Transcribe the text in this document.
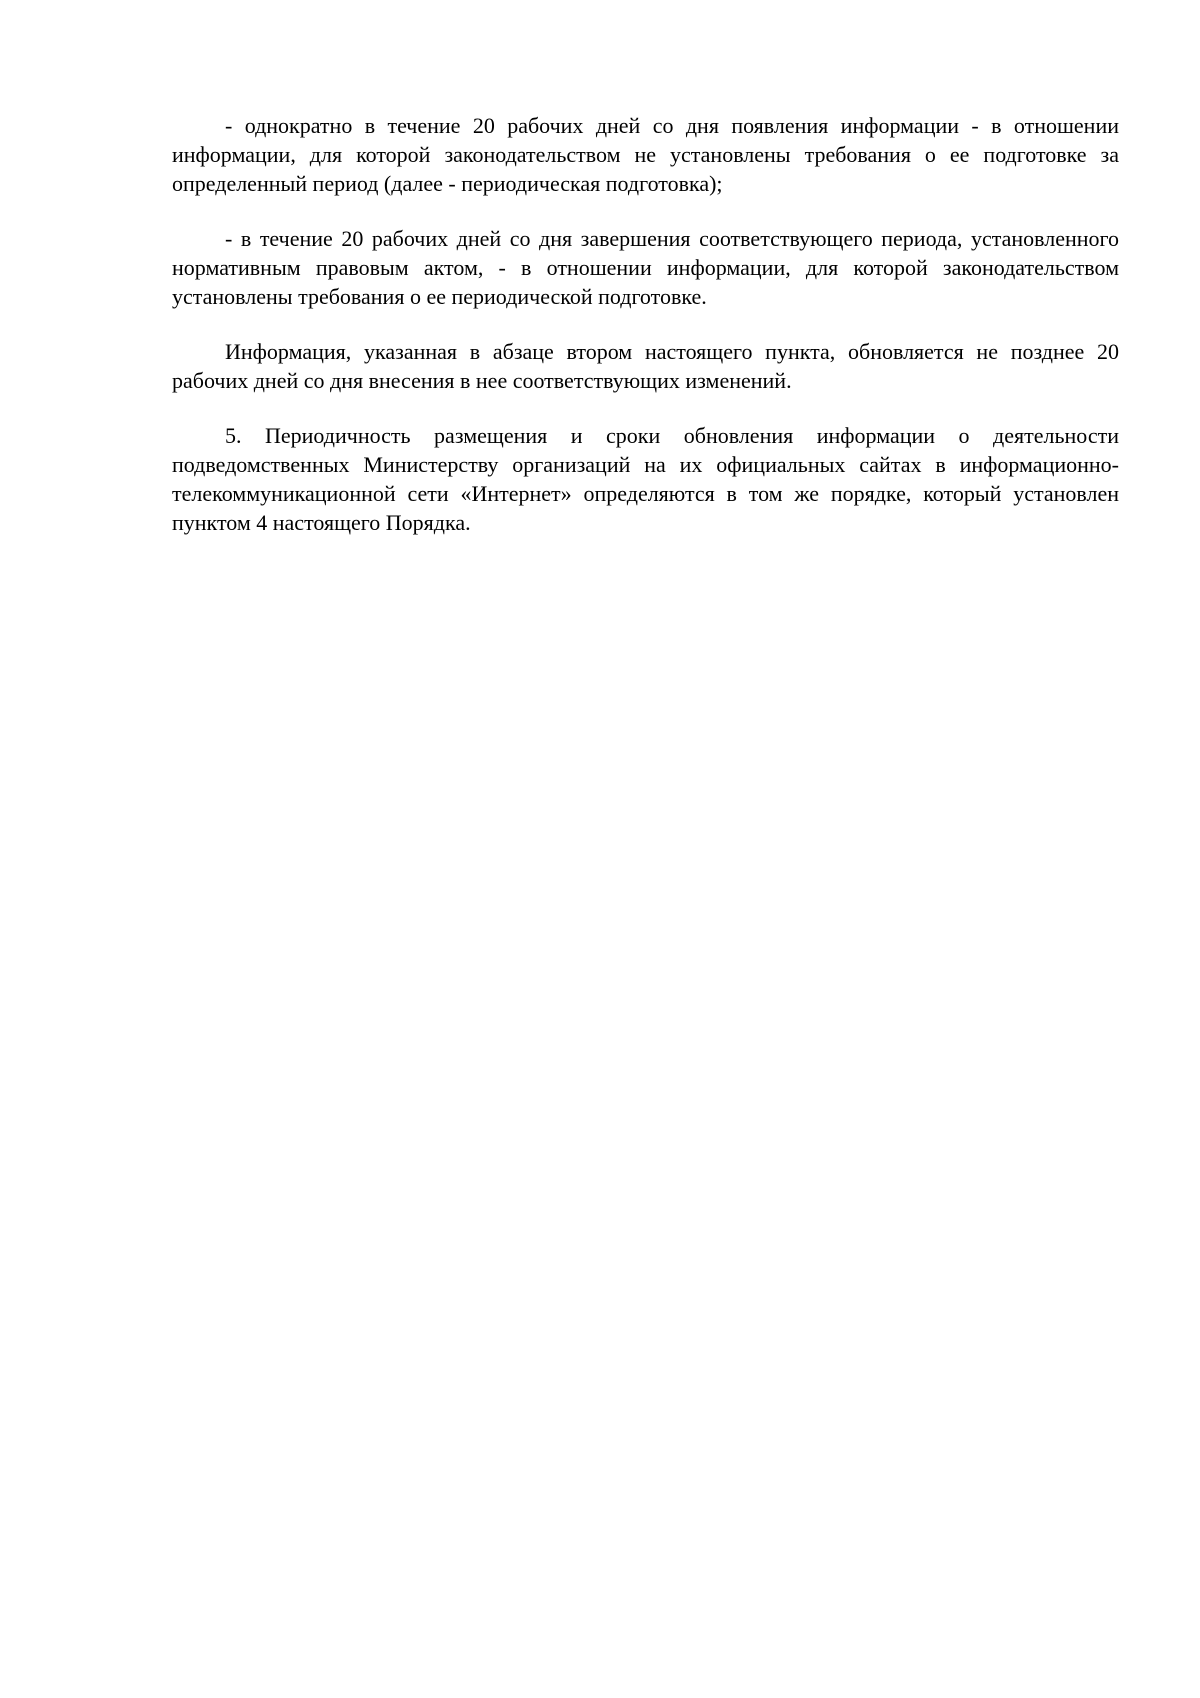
- однократно в течение 20 рабочих дней со дня появления информации - в отношении информации, для которой законодательством не установлены требования о ее подготовке за определенный период (далее - периодическая подготовка);

- в течение 20 рабочих дней со дня завершения соответствующего периода, установленного нормативным правовым актом, - в отношении информации, для которой законодательством установлены требования о ее периодической подготовке.

Информация, указанная в абзаце втором настоящего пункта, обновляется не позднее 20 рабочих дней со дня внесения в нее соответствующих изменений.

5. Периодичность размещения и сроки обновления информации о деятельности подведомственных Министерству организаций на их официальных сайтах в информационно-телекоммуникационной сети «Интернет» определяются в том же порядке, который установлен пунктом 4 настоящего Порядка.
